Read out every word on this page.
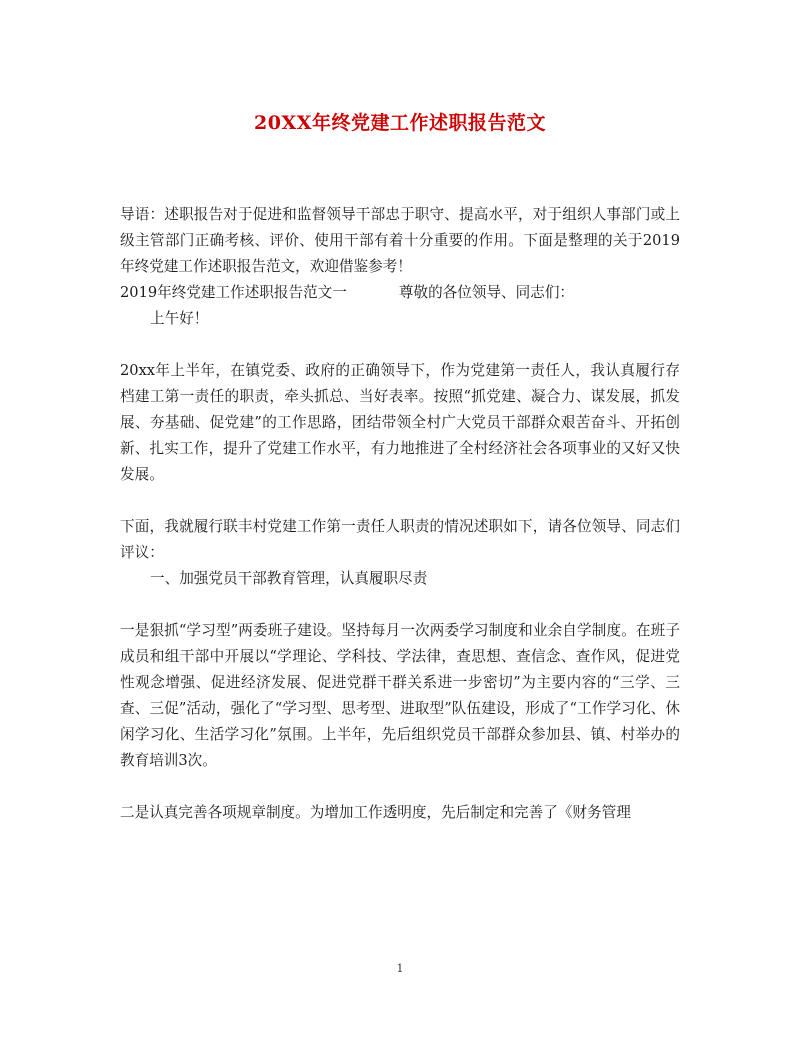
20XX年终党建工作述职报告范文

导语：述职报告对于促进和监督领导干部忠于职守、提高水平，对于组织人事部门或上级主管部门正确考核、评价、使用干部有着十分重要的作用。下面是整理的关于2019年终党建工作述职报告范文，欢迎借鉴参考！

2019年终党建工作述职报告范文一	尊敬的各位领导、同志们：

上午好！

20xx年上半年，在镇党委、政府的正确领导下，作为党建第一责任人，我认真履行存档建工第一责任的职责，牵头抓总、当好表率。按照“抓党建、凝合力、谋发展，抓发展、夯基础、促党建”的工作思路，团结带领全村广大党员干部群众艰苦奋斗、开拓创新、扎实工作，提升了党建工作水平，有力地推进了全村经济社会各项事业的又好又快发展。

下面，我就履行联丰村党建工作第一责任人职责的情况述职如下，请各位领导、同志们评议：

一、加强党员干部教育管理，认真履职尽责

一是狠抓“学习型”两委班子建设。坚持每月一次两委学习制度和业余自学制度。在班子成员和组干部中开展以“学理论、学科技、学法律，查思想、查信念、查作风，促进党性观念增强、促进经济发展、促进党群干群关系进一步密切”为主要内容的“三学、三查、三促”活动，强化了“学习型、思考型、进取型”队伍建设，形成了“工作学习化、休闲学习化、生活学习化”氛围。上半年，先后组织党员干部群众参加县、镇、村举办的教育培训3次。

二是认真完善各项规章制度。为增加工作透明度，先后制定和完善了《财务管理

1
